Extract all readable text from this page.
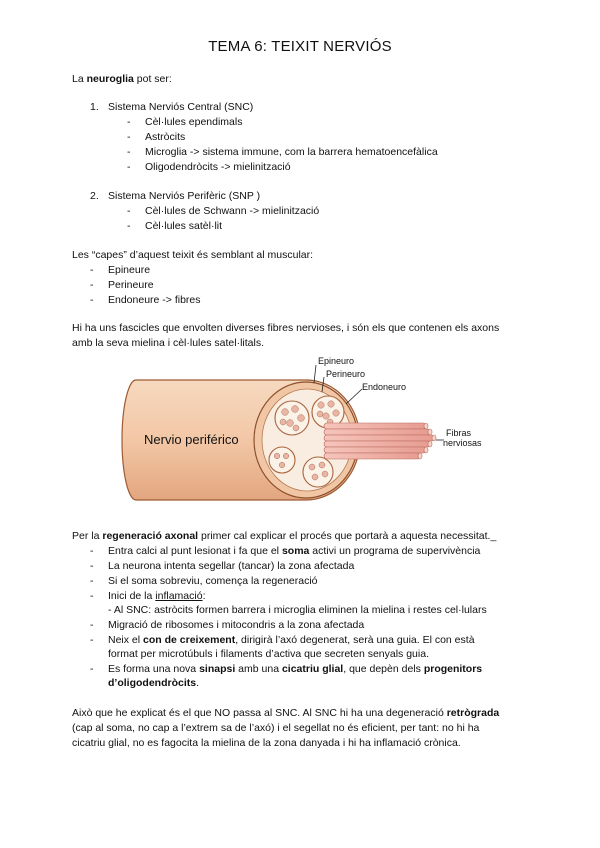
TEMA 6: TEIXIT NERVIÓS
La neuroglia pot ser:
1. Sistema Nerviós Central (SNC)
- Cèl·lules ependimals
- Astròcits
- Microglia -> sistema immune, com la barrera hematoencefàlica
- Oligodendròcits -> mielinització
2. Sistema Nerviós Perifèric (SNP )
- Cèl·lules de Schwann -> mielinització
- Cèl·lules satèl·lit
Les “capes” d’aquest teixit és semblant al muscular:
- Epineure
- Perineure
- Endoneure -> fibres
Hi ha uns fascicles que envolten diverses fibres nervioses, i són els que contenen els axons
amb la seva mielina i cèl·lules satel·litals.
Nervio periférico
Epineuro
Perineuro
Endoneuro
Fibras
nerviosas
Per la regeneració axonal primer cal explicar el procés que portarà a aquesta necessitat._
- Entra calci al punt lesionat i fa que el soma activi un programa de supervivència
- La neurona intenta segellar (tancar) la zona afectada
- Si el soma sobreviu, comença la regeneració
- Inici de la inflamació:
- Al SNC: astròcits formen barrera i microglia eliminen la mielina i restes cel·lulars
- Migració de ribosomes i mitocondris a la zona afectada
- Neix el con de creixement, dirigirà l’axó degenerat, serà una guia. El con està
format per microtúbuls i filaments d’activa que secreten senyals guia.
- Es forma una nova sinapsi amb una cicatriu glial, que depèn dels progenitors
d’oligodendròcits.
Això que he explicat és el que NO passa al SNC. Al SNC hi ha una degeneració retrògrada
(cap al soma, no cap a l’extrem sa de l’axó) i el segellat no és eficient, per tant: no hi ha
cicatriu glial, no es fagocita la mielina de la zona danyada i hi ha inflamació crònica.
